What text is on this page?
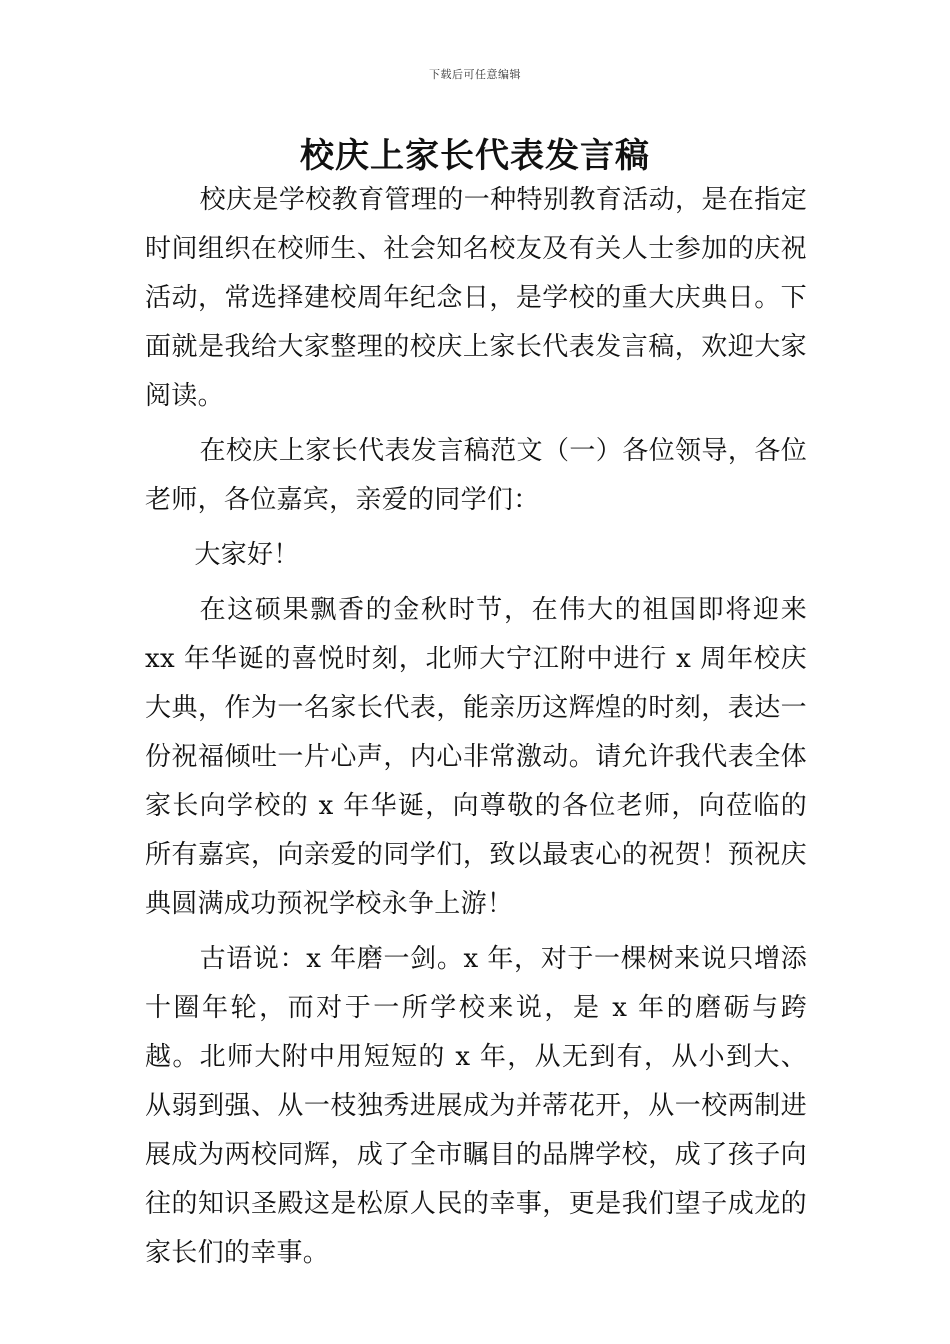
下载后可任意编辑
校庆上家长代表发言稿

校庆是学校教育管理的一种特别教育活动，是在指定时间组织在校师生、社会知名校友及有关人士参加的庆祝活动，常选择建校周年纪念日，是学校的重大庆典日。下面就是我给大家整理的校庆上家长代表发言稿，欢迎大家阅读。

在校庆上家长代表发言稿范文（一）各位领导，各位老师，各位嘉宾，亲爱的同学们：

大家好！

在这硕果飘香的金秋时节，在伟大的祖国即将迎来 xx 年华诞的喜悦时刻，北师大宁江附中进行 x 周年校庆大典，作为一名家长代表，能亲历这辉煌的时刻，表达一份祝福倾吐一片心声，内心非常激动。请允许我代表全体家长向学校的 x 年华诞，向尊敬的各位老师，向莅临的所有嘉宾，向亲爱的同学们，致以最衷心的祝贺！预祝庆典圆满成功预祝学校永争上游！

古语说：x 年磨一剑。x 年，对于一棵树来说只增添十圈年轮，而对于一所学校来说，是 x 年的磨砺与跨越。北师大附中用短短的 x 年，从无到有，从小到大、从弱到强、从一枝独秀进展成为并蒂花开，从一校两制进展成为两校同辉，成了全市瞩目的品牌学校，成了孩子向往的知识圣殿这是松原人民的幸事，更是我们望子成龙的家长们的幸事。
